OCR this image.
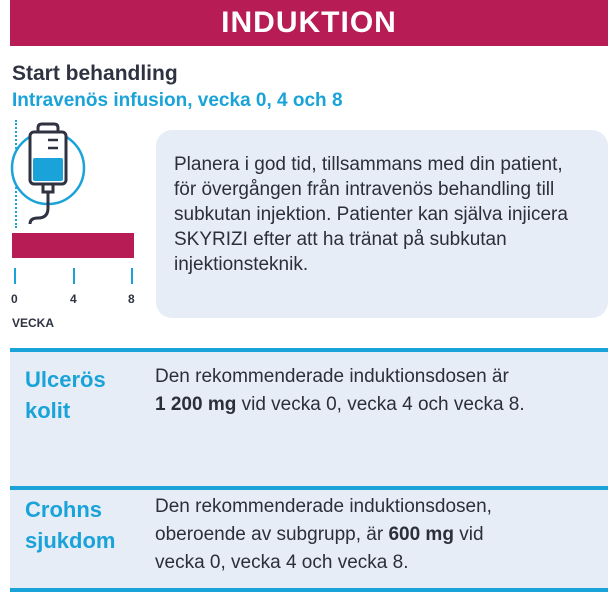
INDUKTION
Start behandling
Intravenös infusion, vecka 0, 4 och 8
0	4	8
VECKA
Planera i god tid, tillsammans med din patient, för övergången från intravenös behandling till subkutan injektion. Patienter kan själva injicera SKYRIZI efter att ha tränat på subkutan injektionsteknik.
Ulcerös
kolit
Den rekommenderade induktionsdosen är
1 200 mg vid vecka 0, vecka 4 och vecka 8.
Crohns
sjukdom
Den rekommenderade induktionsdosen,
oberoende av subgrupp, är 600 mg vid
vecka 0, vecka 4 och vecka 8.
